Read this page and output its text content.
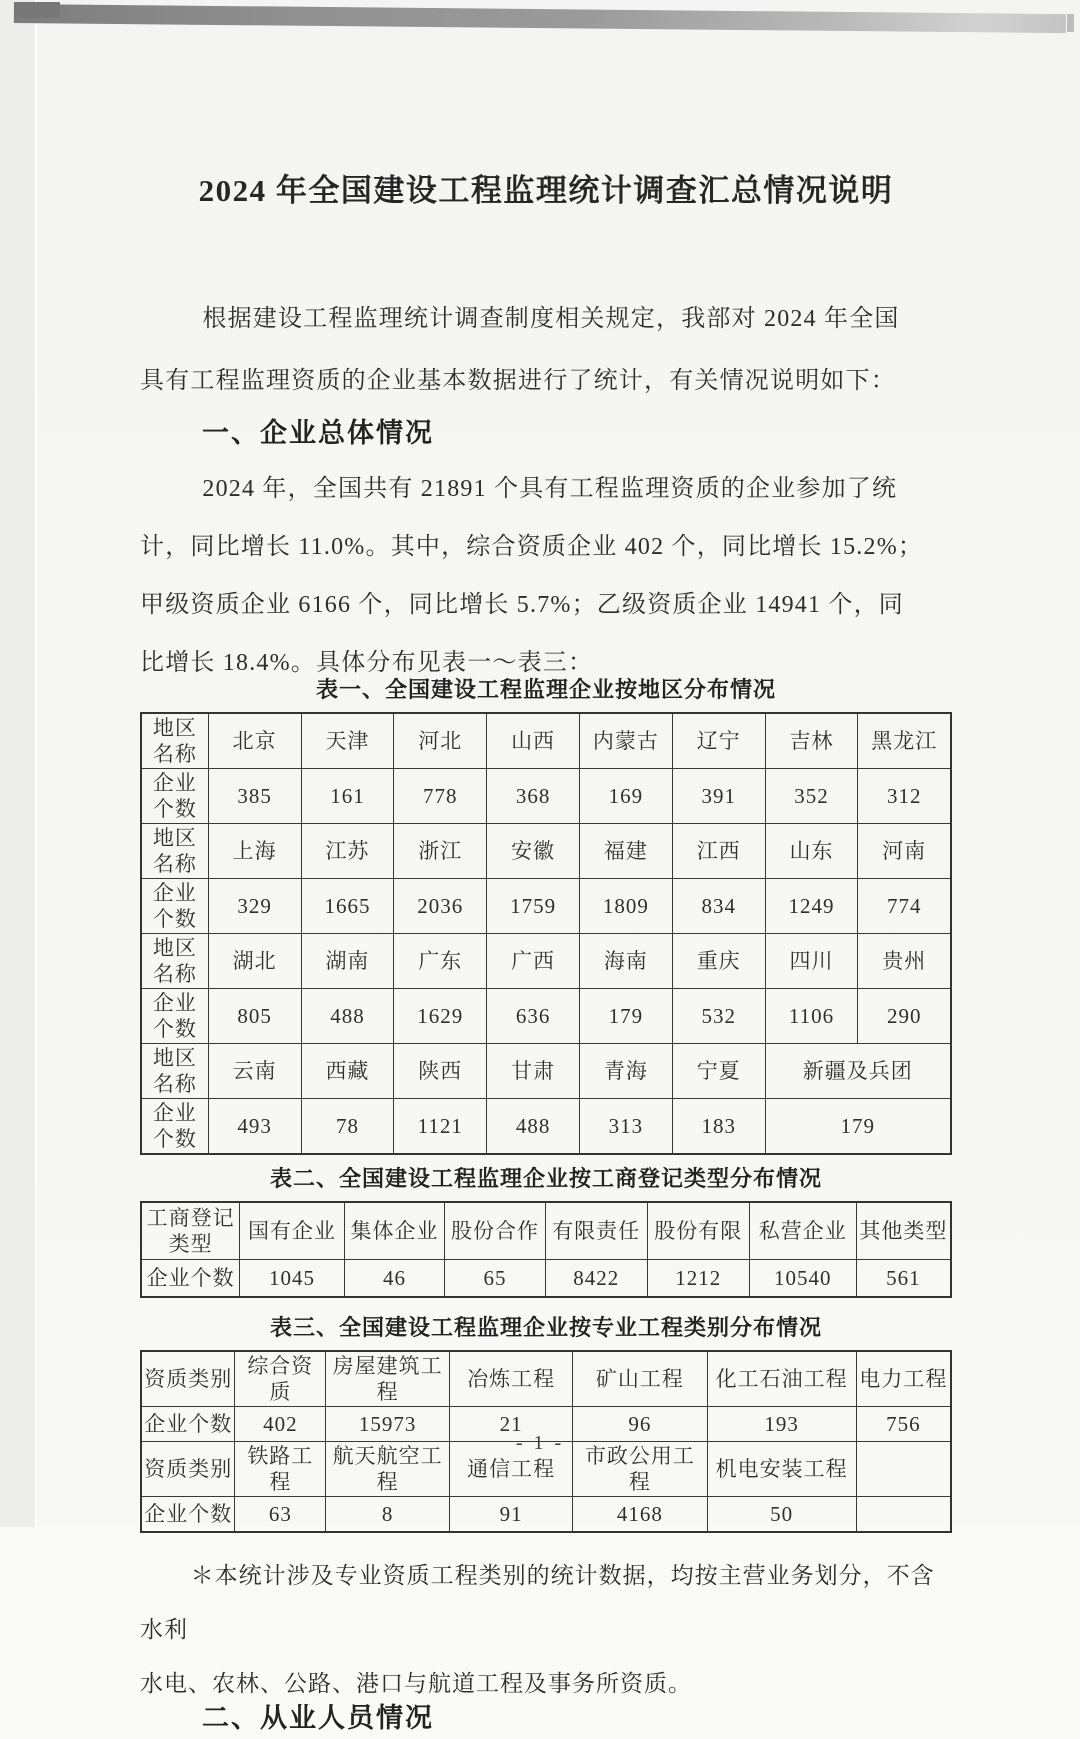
2024 年全国建设工程监理统计调查汇总情况说明
根据建设工程监理统计调查制度相关规定，我部对 2024 年全国
具有工程监理资质的企业基本数据进行了统计，有关情况说明如下：
一、企业总体情况
2024 年，全国共有 21891 个具有工程监理资质的企业参加了统
计，同比增长 11.0%。其中，综合资质企业 402 个，同比增长 15.2%；
甲级资质企业 6166 个，同比增长 5.7%；乙级资质企业 14941 个，同
比增长 18.4%。具体分布见表一～表三：
表一、全国建设工程监理企业按地区分布情况
地区名称	北京	天津	河北	山西	内蒙古	辽宁	吉林	黑龙江
企业个数	385	161	778	368	169	391	352	312
地区名称	上海	江苏	浙江	安徽	福建	江西	山东	河南
企业个数	329	1665	2036	1759	1809	834	1249	774
地区名称	湖北	湖南	广东	广西	海南	重庆	四川	贵州
企业个数	805	488	1629	636	179	532	1106	290
地区名称	云南	西藏	陕西	甘肃	青海	宁夏	新疆及兵团	
企业个数	493	78	1121	488	313	183	179	
表二、全国建设工程监理企业按工商登记类型分布情况
工商登记类型	国有企业	集体企业	股份合作	有限责任	股份有限	私营企业	其他类型
企业个数	1045	46	65	8422	1212	10540	561
表三、全国建设工程监理企业按专业工程类别分布情况
资质类别	综合资质	房屋建筑工程	冶炼工程	矿山工程	化工石油工程	电力工程
企业个数	402	15973	21	96	193	756
资质类别	铁路工程	航天航空工程	通信工程	市政公用工程	机电安装工程	
企业个数	63	8	91	4168	50	
＊本统计涉及专业资质工程类别的统计数据，均按主营业务划分，不含水利
水电、农林、公路、港口与航道工程及事务所资质。
二、从业人员情况
- 1 -
